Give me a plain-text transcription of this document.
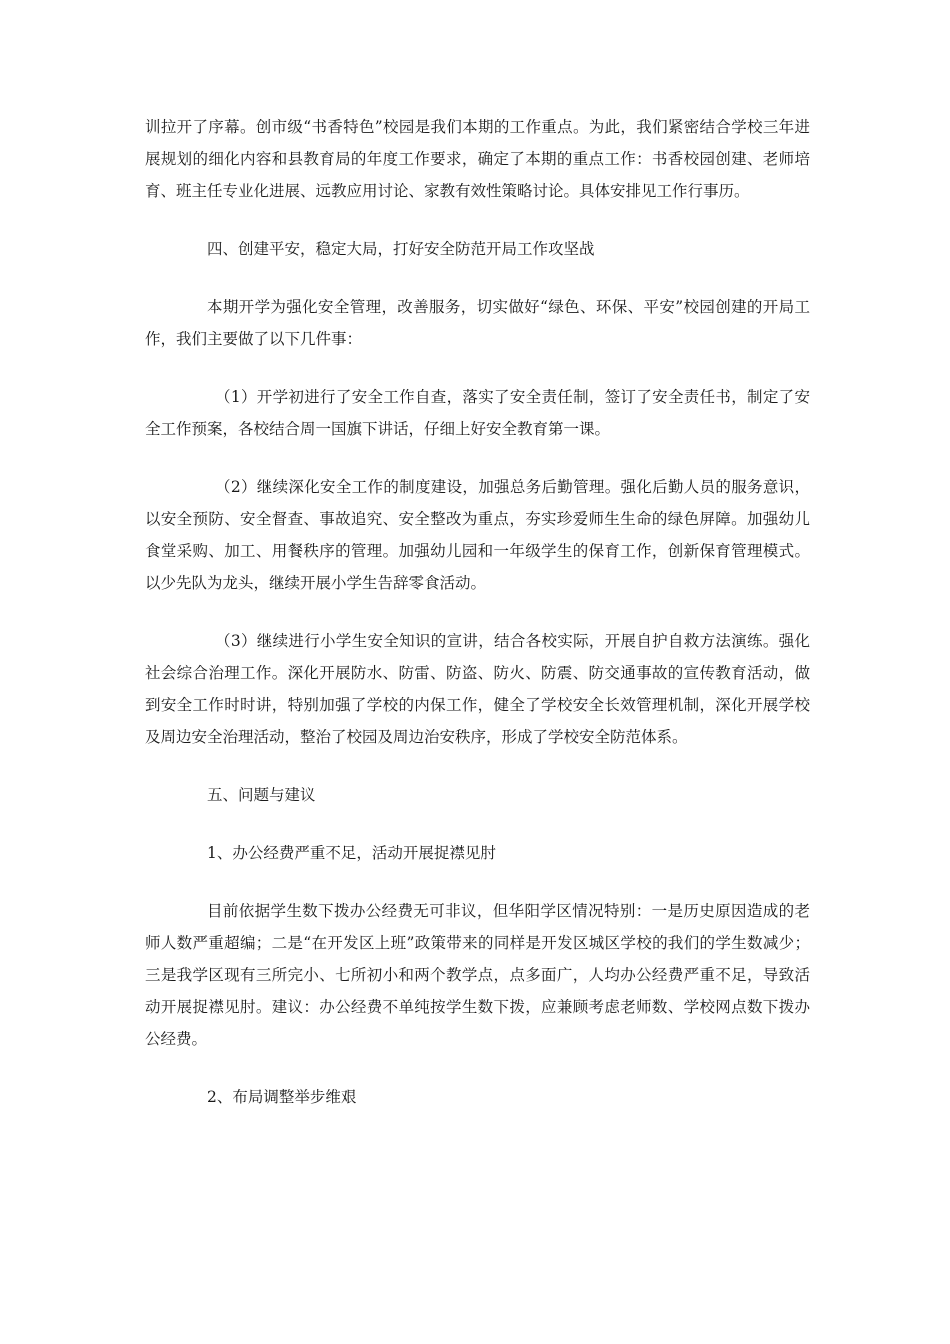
训拉开了序幕。创市级“书香特色”校园是我们本期的工作重点。为此，我们紧密结合学校三年进展规划的细化内容和县教育局的年度工作要求，确定了本期的重点工作：书香校园创建、老师培育、班主任专业化进展、远教应用讨论、家教有效性策略讨论。具体安排见工作行事历。

四、创建平安，稳定大局，打好安全防范开局工作攻坚战

本期开学为强化安全管理，改善服务，切实做好“绿色、环保、平安”校园创建的开局工作，我们主要做了以下几件事：

（1）开学初进行了安全工作自查，落实了安全责任制，签订了安全责任书，制定了安全工作预案，各校结合周一国旗下讲话，仔细上好安全教育第一课。

（2）继续深化安全工作的制度建设，加强总务后勤管理。强化后勤人员的服务意识，以安全预防、安全督查、事故追究、安全整改为重点，夯实珍爱师生生命的绿色屏障。加强幼儿食堂采购、加工、用餐秩序的管理。加强幼儿园和一年级学生的保育工作，创新保育管理模式。以少先队为龙头，继续开展小学生告辞零食活动。

（3）继续进行小学生安全知识的宣讲，结合各校实际，开展自护自救方法演练。强化社会综合治理工作。深化开展防水、防雷、防盗、防火、防震、防交通事故的宣传教育活动，做到安全工作时时讲，特别加强了学校的内保工作，健全了学校安全长效管理机制，深化开展学校及周边安全治理活动，整治了校园及周边治安秩序，形成了学校安全防范体系。

五、问题与建议

1、办公经费严重不足，活动开展捉襟见肘

目前依据学生数下拨办公经费无可非议，但华阳学区情况特别：一是历史原因造成的老师人数严重超编；二是“在开发区上班”政策带来的同样是开发区城区学校的我们的学生数减少；三是我学区现有三所完小、七所初小和两个教学点，点多面广，人均办公经费严重不足，导致活动开展捉襟见肘。建议：办公经费不单纯按学生数下拨，应兼顾考虑老师数、学校网点数下拨办公经费。

2、布局调整举步维艰
